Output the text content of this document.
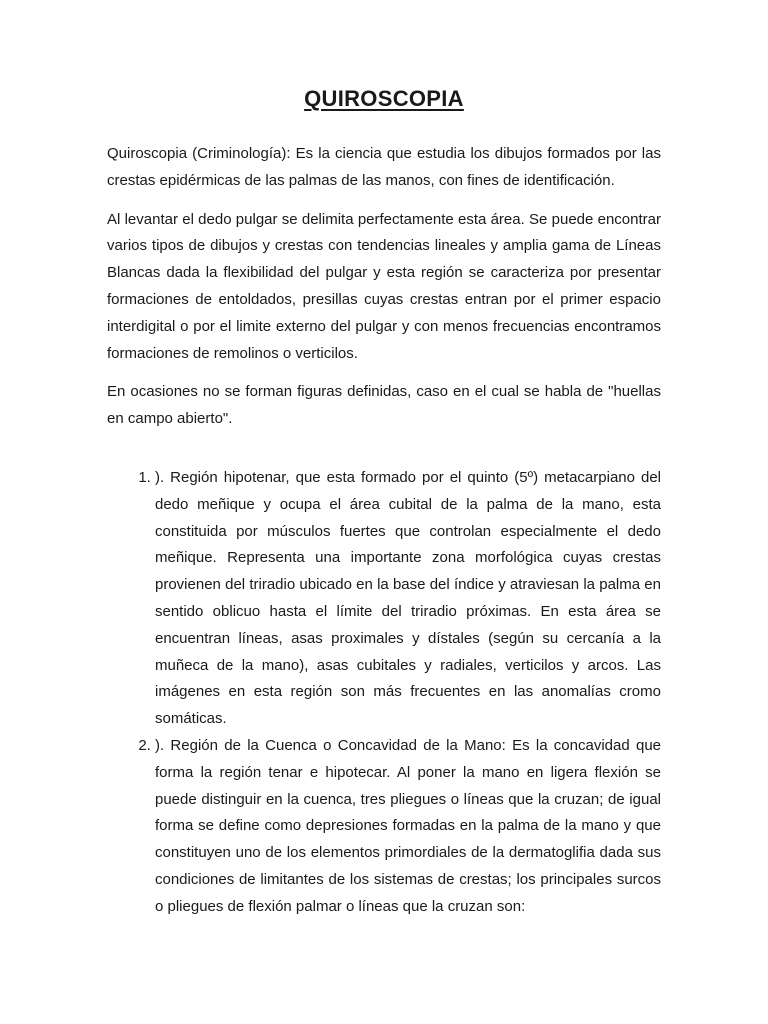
QUIROSCOPIA

Quiroscopia (Criminología): Es la ciencia que estudia los dibujos formados por las crestas epidérmicas de las palmas de las manos, con fines de identificación.

Al levantar el dedo pulgar se delimita perfectamente esta área. Se puede encontrar varios tipos de dibujos y crestas con tendencias lineales y amplia gama de Líneas Blancas dada la flexibilidad del pulgar y esta región se caracteriza por presentar formaciones de entoldados, presillas cuyas crestas entran por el primer espacio interdigital o por el limite externo del pulgar y con menos frecuencias encontramos formaciones de remolinos o verticilos.

En ocasiones no se forman figuras definidas, caso en el cual se habla de "huellas en campo abierto".

1. ). Región hipotenar, que esta formado por el quinto (5º) metacarpiano del dedo meñique y ocupa el área cubital de la palma de la mano, esta constituida por músculos fuertes que controlan especialmente el dedo meñique. Representa una importante zona morfológica cuyas crestas provienen del triradio ubicado en la base del índice y atraviesan la palma en sentido oblicuo hasta el límite del triradio próximas. En esta área se encuentran líneas, asas proximales y dístales (según su cercanía a la muñeca de la mano), asas cubitales y radiales, verticilos y arcos. Las imágenes en esta región son más frecuentes en las anomalías cromo somáticas.
2. ). Región de la Cuenca o Concavidad de la Mano: Es la concavidad que forma la región tenar e hipotecar. Al poner la mano en ligera flexión se puede distinguir en la cuenca, tres pliegues o líneas que la cruzan; de igual forma se define como depresiones formadas en la palma de la mano y que constituyen uno de los elementos primordiales de la dermatoglifia dada sus condiciones de limitantes de los sistemas de crestas; los principales surcos o pliegues de flexión palmar o líneas que la cruzan son:
